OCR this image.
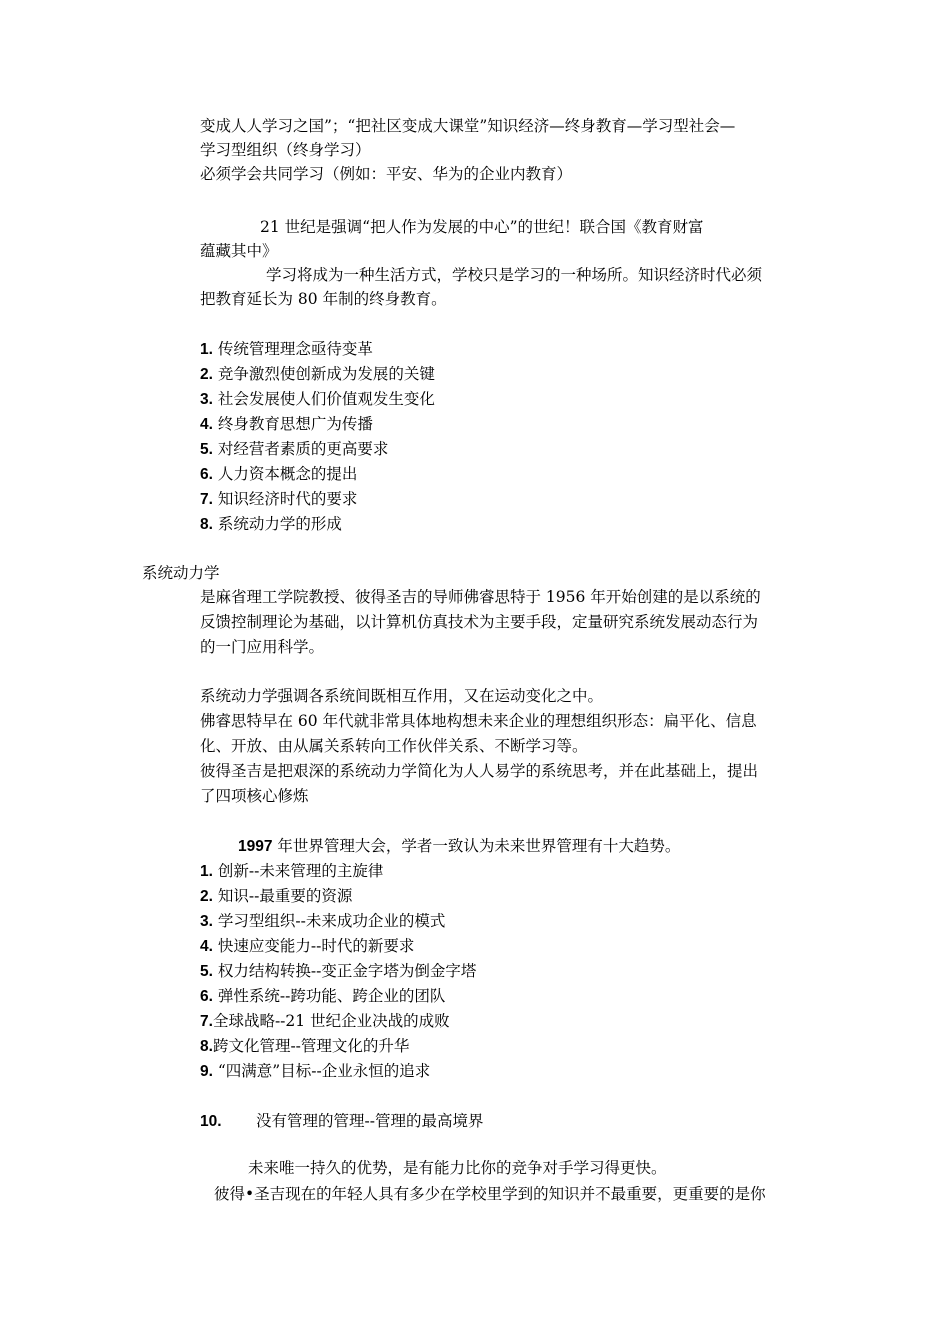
变成人人学习之国”；“把社区变成大课堂”知识经济—终身教育—学习型社会—
学习型组织（终身学习）
必须学会共同学习（例如：平安、华为的企业内教育）
21 世纪是强调“把人作为发展的中心”的世纪！联合国《教育财富
蕴藏其中》
学习将成为一种生活方式，学校只是学习的一种场所。知识经济时代必须
把教育延长为 80 年制的终身教育。
1. 传统管理理念亟待变革
2. 竞争激烈使创新成为发展的关键
3. 社会发展使人们价值观发生变化
4. 终身教育思想广为传播
5. 对经营者素质的更高要求
6. 人力资本概念的提出
7. 知识经济时代的要求
8. 系统动力学的形成
系统动力学
是麻省理工学院教授、彼得圣吉的导师佛睿思特于 1956 年开始创建的是以系统的
反馈控制理论为基础，以计算机仿真技术为主要手段，定量研究系统发展动态行为
的一门应用科学。
系统动力学强调各系统间既相互作用，又在运动变化之中。
佛睿思特早在 60 年代就非常具体地构想未来企业的理想组织形态：扁平化、信息
化、开放、由从属关系转向工作伙伴关系、不断学习等。
彼得圣吉是把艰深的系统动力学简化为人人易学的系统思考，并在此基础上，提出
了四项核心修炼
1997 年世界管理大会，学者一致认为未来世界管理有十大趋势。
1. 创新--未来管理的主旋律
2. 知识--最重要的资源
3. 学习型组织--未来成功企业的模式
4. 快速应变能力--时代的新要求
5. 权力结构转换--变正金字塔为倒金字塔
6. 弹性系统--跨功能、跨企业的团队
7.全球战略--21 世纪企业决战的成败
8.跨文化管理--管理文化的升华
9. “四满意”目标--企业永恒的追求
10. 没有管理的管理--管理的最高境界
未来唯一持久的优势，是有能力比你的竞争对手学习得更快。
彼得•圣吉现在的年轻人具有多少在学校里学到的知识并不最重要，更重要的是你
